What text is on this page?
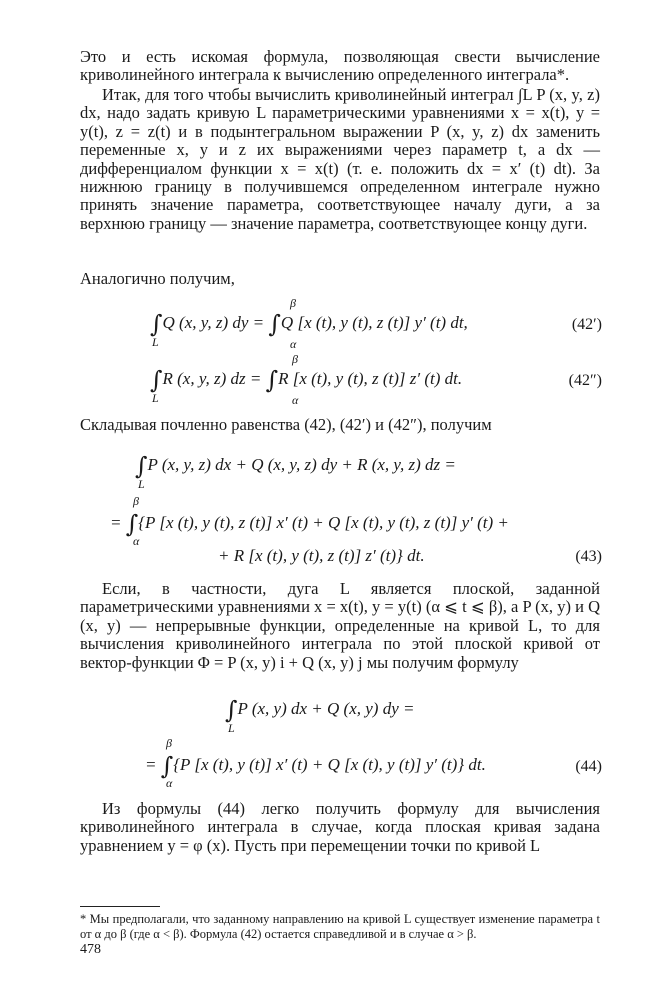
Это и есть искомая формула, позволяющая свести вычисление криволинейного интеграла к вычислению определенного интеграла*.

Итак, для того чтобы вычислить криволинейный интеграл ∫L P (x, y, z) dx, надо задать кривую L параметрическими уравнениями x = x(t), y = y(t), z = z(t) и в подынтегральном выражении P (x, y, z) dx заменить переменные x, y и z их выражениями через параметр t, a dx — дифференциалом функции x = x(t) (т. е. положить dx = x′ (t) dt). За нижнюю границу в получившемся определенном интеграле нужно принять значение параметра, соответствующее началу дуги, а за верхнюю границу — значение параметра, соответствующее концу дуги.

Аналогично получим,

∫Q (x, y, z) dy = ∫Q [x (t), y (t), z (t)] y′ (t) dt,
L
β
α
(42′)
∫R (x, y, z) dz = ∫R [x (t), y (t), z (t)] z′ (t) dt.
L
β
α
(42″)

Складывая почленно равенства (42), (42′) и (42″), получим

∫P (x, y, z) dx + Q (x, y, z) dy + R (x, y, z) dz =
L
= ∫{P [x (t), y (t), z (t)] x′ (t) + Q [x (t), y (t), z (t)] y′ (t) +
β
α
+ R [x (t), y (t), z (t)] z′ (t)} dt.	(43)

Если, в частности, дуга L является плоской, заданной параметрическими уравнениями x = x(t), y = y(t) (α ⩽ t ⩽ β), а P (x, y) и Q (x, y) — непрерывные функции, определенные на кривой L, то для вычисления криволинейного интеграла по этой плоской кривой от вектор-функции Φ = P (x, y) i + Q (x, y) j мы получим формулу

∫P (x, y) dx + Q (x, y) dy =
L
= ∫{P [x (t), y (t)] x′ (t) + Q [x (t), y (t)] y′ (t)} dt.
β
α
(44)

Из формулы (44) легко получить формулу для вычисления криволинейного интеграла в случае, когда плоская кривая задана уравнением y = φ (x). Пусть при перемещении точки по кривой L

* Мы предполагали, что заданному направлению на кривой L существует изменение параметра t от α до β (где α < β). Формула (42) остается справедливой и в случае α > β.

478
